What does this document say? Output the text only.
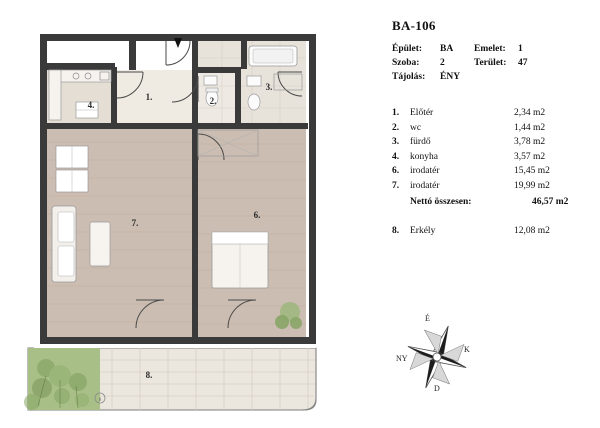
8
4.
1.	2.
3.
7.
6.
8.
BA-106
Épület:	BA	Emelet:	1
Szoba:	2	Terület:	47
Tájolás:	ÉNY
1.	Előtér	2,34 m2
2.	wc	1,44 m2
3.	fürdő	3,78 m2
4.	konyha	3,57 m2
6.	irodatér	15,45 m2
7.	irodatér	19,99 m2
Nettó összesen:	46,57 m2
8.	Erkély	12,08 m2
É
K
D
NY
